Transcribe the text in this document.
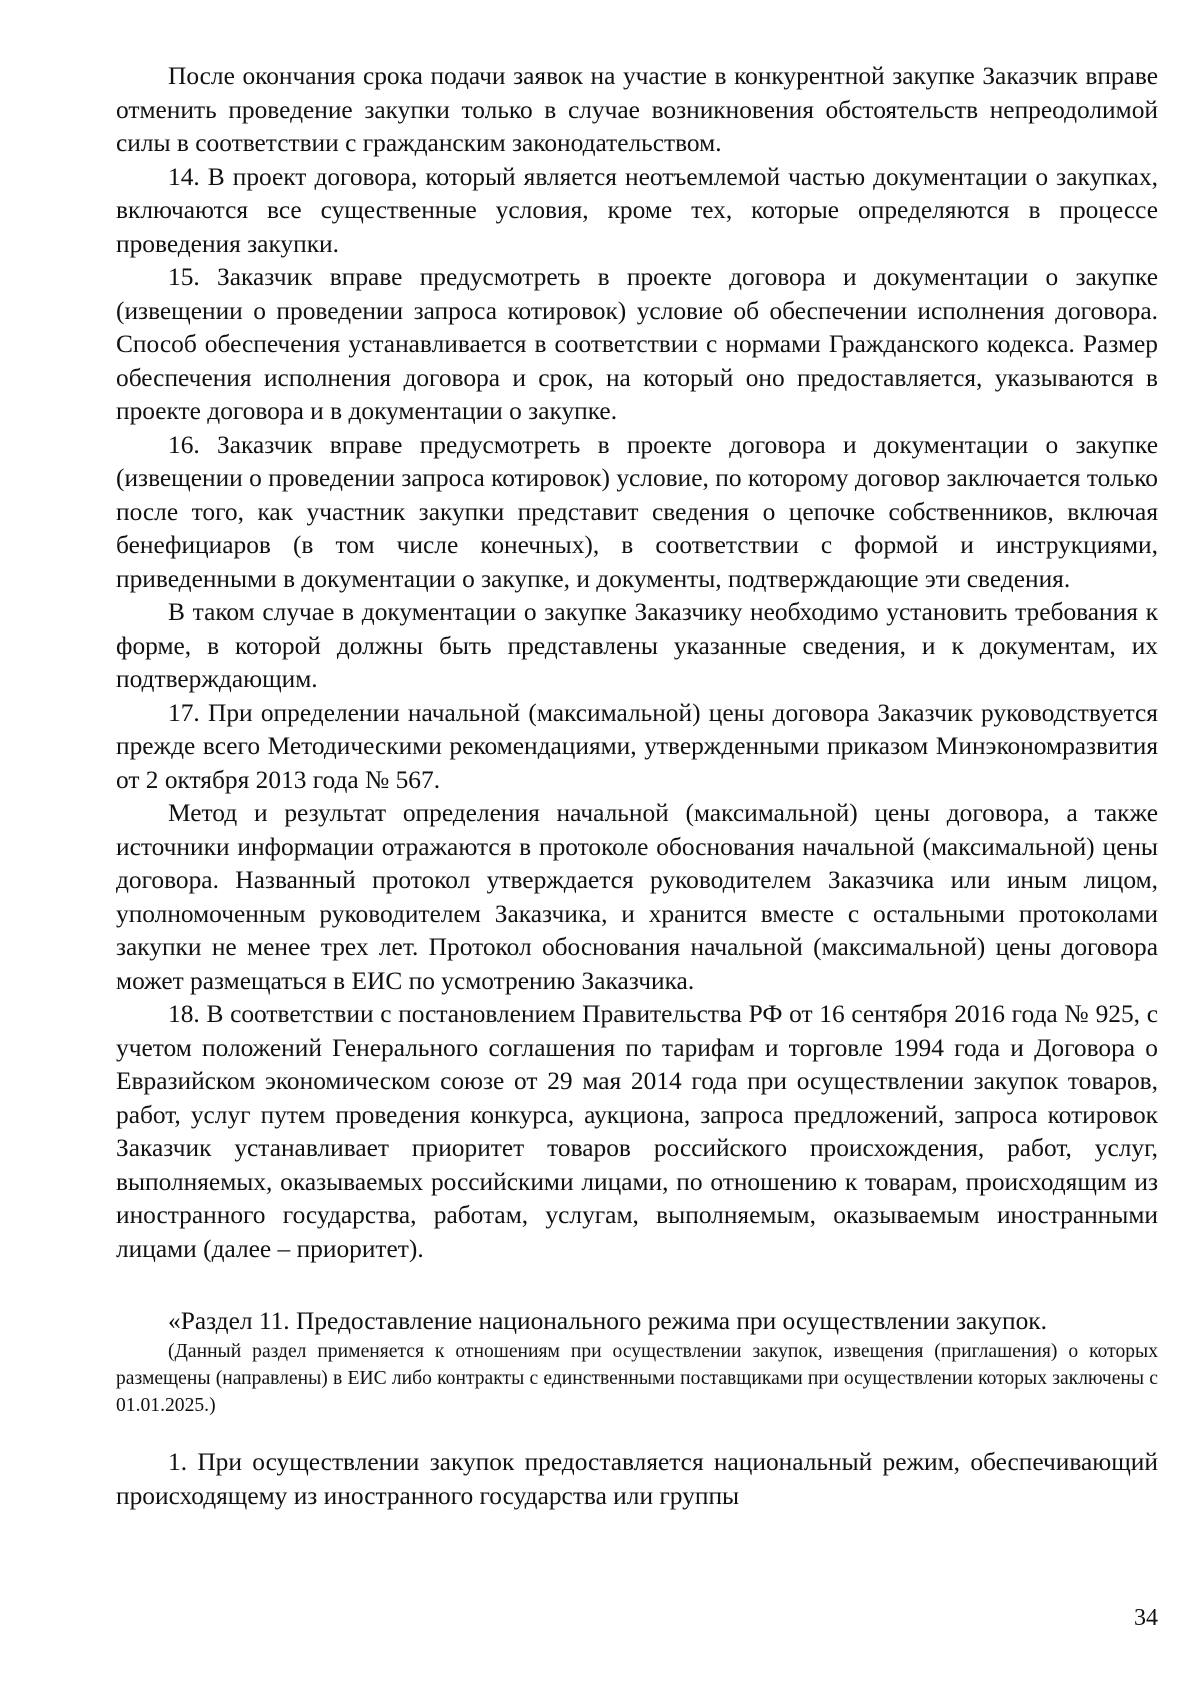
После окончания срока подачи заявок на участие в конкурентной закупке Заказчик вправе отменить проведение закупки только в случае возникновения обстоятельств непреодолимой силы в соответствии с гражданским законодательством.

14. В проект договора, который является неотъемлемой частью документации о закупках, включаются все существенные условия, кроме тех, которые определяются в процессе проведения закупки.

15. Заказчик вправе предусмотреть в проекте договора и документации о закупке (извещении о проведении запроса котировок) условие об обеспечении исполнения договора. Способ обеспечения устанавливается в соответствии с нормами Гражданского кодекса. Размер обеспечения исполнения договора и срок, на который оно предоставляется, указываются в проекте договора и в документации о закупке.

16. Заказчик вправе предусмотреть в проекте договора и документации о закупке (извещении о проведении запроса котировок) условие, по которому договор заключается только после того, как участник закупки представит сведения о цепочке собственников, включая бенефициаров (в том числе конечных), в соответствии с формой и инструкциями, приведенными в документации о закупке, и документы, подтверждающие эти сведения.

В таком случае в документации о закупке Заказчику необходимо установить требования к форме, в которой должны быть представлены указанные сведения, и к документам, их подтверждающим.

17. При определении начальной (максимальной) цены договора Заказчик руководствуется прежде всего Методическими рекомендациями, утвержденными приказом Минэкономразвития от 2 октября 2013 года № 567.

Метод и результат определения начальной (максимальной) цены договора, а также источники информации отражаются в протоколе обоснования начальной (максимальной) цены договора. Названный протокол утверждается руководителем Заказчика или иным лицом, уполномоченным руководителем Заказчика, и хранится вместе с остальными протоколами закупки не менее трех лет. Протокол обоснования начальной (максимальной) цены договора может размещаться в ЕИС по усмотрению Заказчика.

18. В соответствии с постановлением Правительства РФ от 16 сентября 2016 года № 925, с учетом положений Генерального соглашения по тарифам и торговле 1994 года и Договора о Евразийском экономическом союзе от 29 мая 2014 года при осуществлении закупок товаров, работ, услуг путем проведения конкурса, аукциона, запроса предложений, запроса котировок Заказчик устанавливает приоритет товаров российского происхождения, работ, услуг, выполняемых, оказываемых российскими лицами, по отношению к товарам, происходящим из иностранного государства, работам, услугам, выполняемым, оказываемым иностранными лицами (далее – приоритет).

«Раздел 11. Предоставление национального режима при осуществлении закупок.

(Данный раздел применяется к отношениям при осуществлении закупок, извещения (приглашения) о которых размещены (направлены) в ЕИС либо контракты с единственными поставщиками при осуществлении которых заключены с 01.01.2025.)

1. При осуществлении закупок предоставляется национальный режим, обеспечивающий происходящему из иностранного государства или группы

34
